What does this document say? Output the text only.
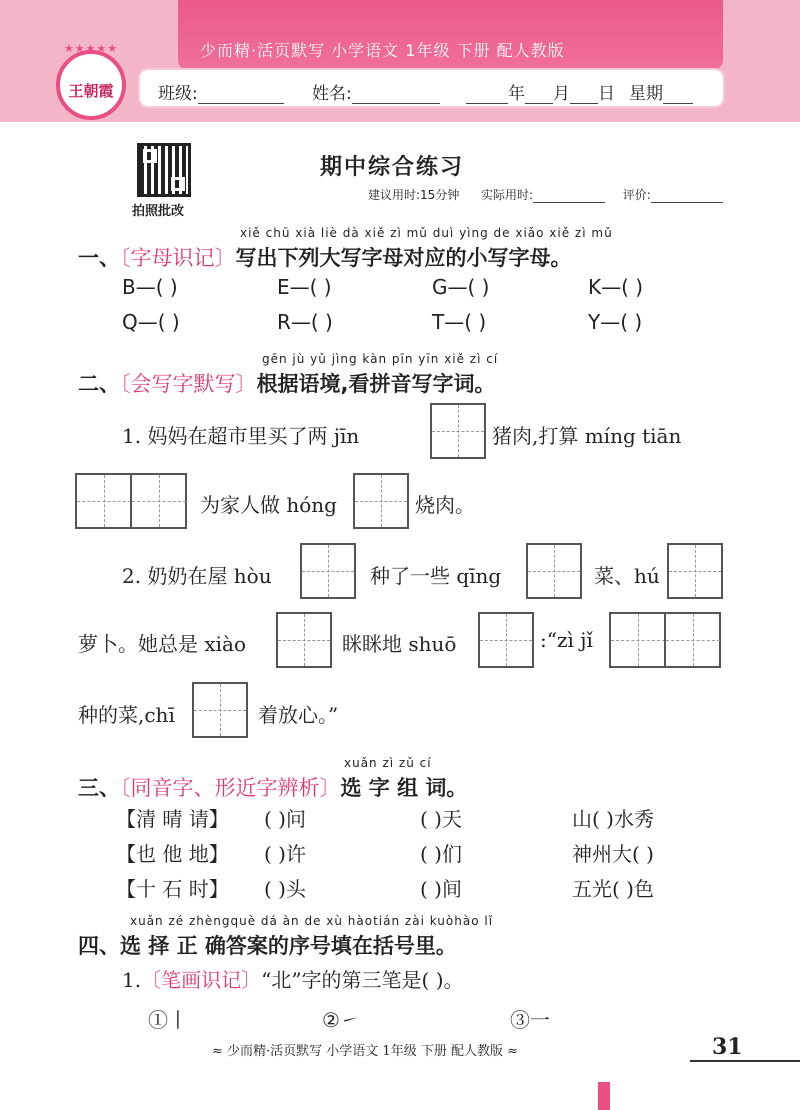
少而精·活页默写 小学语文 1年级 下册 配人教版
★★★★★
王朝霞	班级:	姓名:	年 月 日 星期
拍照批改
期中综合练习
建议用时:15分钟 实际用时:	评价:
xiě chū xià liè dà xiě zì mǔ duì yìng de xiǎo xiě zì mǔ
一、〔字母识记〕写出下列大写字母对应的小写字母。
B—( )	E—( )	G—( )	K—( )
Q—( )	R—( )	T—( )	Y—( )
gēn jù yǔ jìng kàn pīn yīn xiě zì cí
二、〔会写字默写〕根据语境,看拼音写字词。
1. 妈妈在超市里买了两 jīn	猪肉,打算 míng tiān
为家人做 hóng	烧肉。
2. 奶奶在屋 hòu	种了一些 qīng	菜、hú
萝卜。她总是 xiào	眯眯地 shuō	:“zì jǐ
种的菜,chī	着放心。”
xuǎn zì zǔ cí
三、〔同音字、形近字辨析〕选 字 组 词。
【清 晴 请】 ( )问	( )天	山( )水秀
【也 他 地】 ( )许	( )们	神州大( )
【十 石 时】 ( )头	( )间	五光( )色
xuǎn zé zhèngquè dá àn de xù hàotián zài kuòhào lǐ
四、选 择 正 确答案的序号填在括号里。
1.〔笔画识记〕“北”字的第三笔是( )。
①丨	②㇀	③一
≈ 少而精·活页默写 小学语文 1年级 下册 配人教版 ≈	31
